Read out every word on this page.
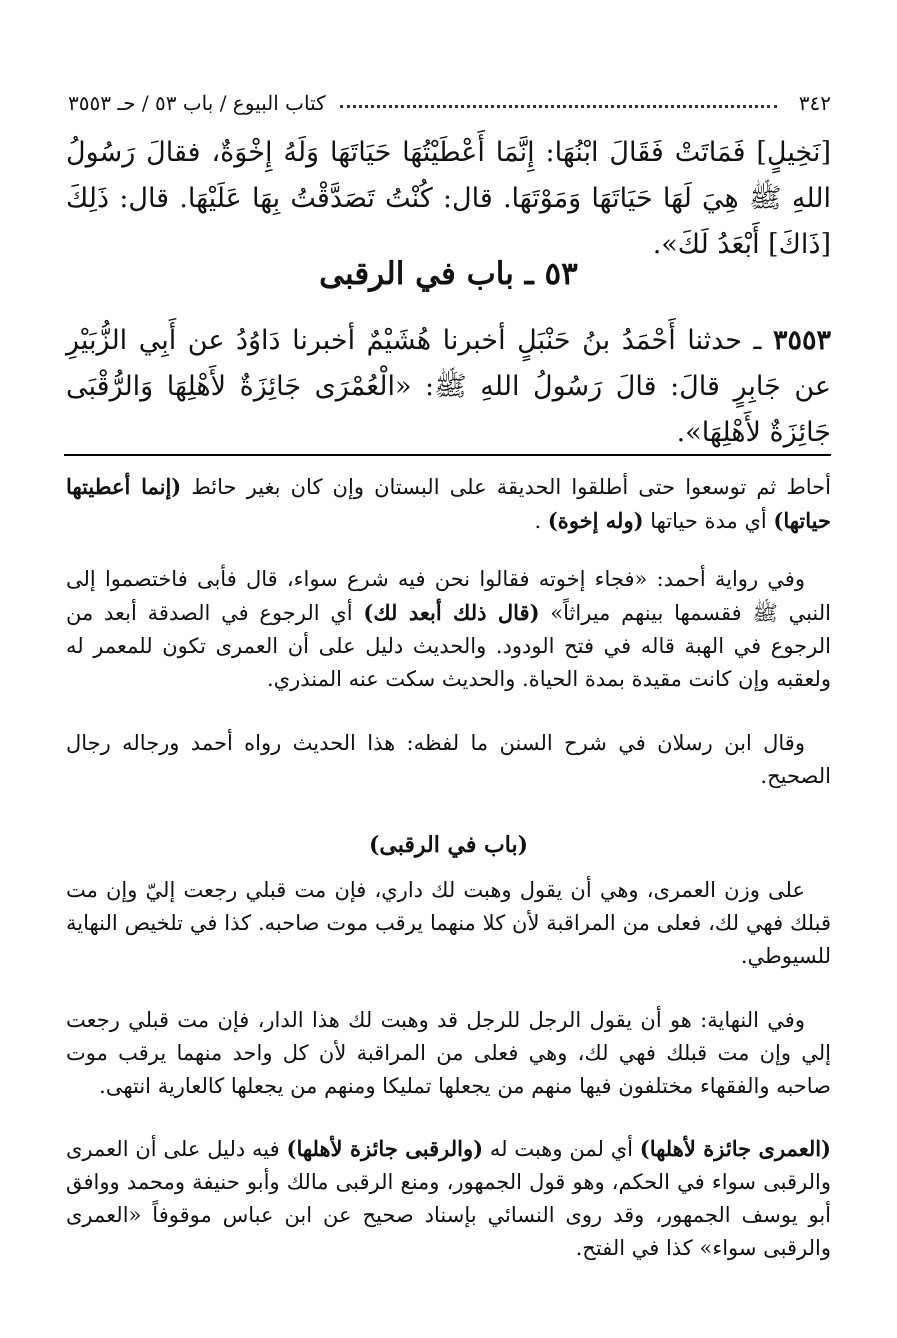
٣٤٢
كتاب البيوع / باب ٥٣ / حـ ٣٥٥٣
[نَخِيلٍ] فَمَاتَتْ فَقَالَ ابْنُهَا: إِنَّمَا أَعْطَيْتُهَا حَيَاتَهَا وَلَهُ إِخْوَةٌ، فقالَ رَسُولُ اللهِ ﷺ هِيَ لَهَا حَيَاتَهَا وَمَوْتَهَا. قال: كُنْتُ تَصَدَّقْتُ بِهَا عَلَيْهَا. قال: ذَلِكَ [ذَاكَ] أَبْعَدُ لَكَ».
٥٣ ـ باب في الرقبى
٣٥٥٣ ـ حدثنا أَحْمَدُ بنُ حَنْبَلٍ أخبرنا هُشَيْمٌ أخبرنا دَاوُدُ عن أَبِي الزُّبَيْرِ عن جَابِرٍ قالَ: قالَ رَسُولُ اللهِ ﷺ: «الْعُمْرَى جَائِزَةٌ لأَهْلِهَا وَالرُّقْبَى جَائِزَةٌ لأَهْلِهَا».
أحاط ثم توسعوا حتى أطلقوا الحديقة على البستان وإن كان بغير حائط (إنما أعطيتها حياتها) أي مدة حياتها (وله إخوة) .
وفي رواية أحمد: «فجاء إخوته فقالوا نحن فيه شرع سواء، قال فأبى فاختصموا إلى النبي ﷺ فقسمها بينهم ميراثاً» (قال ذلك أبعد لك) أي الرجوع في الصدقة أبعد من الرجوع في الهبة قاله في فتح الودود. والحديث دليل على أن العمرى تكون للمعمر له ولعقبه وإن كانت مقيدة بمدة الحياة. والحديث سكت عنه المنذري.
وقال ابن رسلان في شرح السنن ما لفظه: هذا الحديث رواه أحمد ورجاله رجال الصحيح.
(باب في الرقبى)
على وزن العمرى، وهي أن يقول وهبت لك داري، فإن مت قبلي رجعت إليّ وإن مت قبلك فهي لك، فعلى من المراقبة لأن كلا منهما يرقب موت صاحبه. كذا في تلخيص النهاية للسيوطي.
وفي النهاية: هو أن يقول الرجل للرجل قد وهبت لك هذا الدار، فإن مت قبلي رجعت إلي وإن مت قبلك فهي لك، وهي فعلى من المراقبة لأن كل واحد منهما يرقب موت صاحبه والفقهاء مختلفون فيها منهم من يجعلها تمليكا ومنهم من يجعلها كالعارية انتهى.
(العمرى جائزة لأهلها) أي لمن وهبت له (والرقبى جائزة لأهلها) فيه دليل على أن العمرى والرقبى سواء في الحكم، وهو قول الجمهور، ومنع الرقبى مالك وأبو حنيفة ومحمد ووافق أبو يوسف الجمهور، وقد روى النسائي بإسناد صحيح عن ابن عباس موقوفاً «العمرى والرقبى سواء» كذا في الفتح.
